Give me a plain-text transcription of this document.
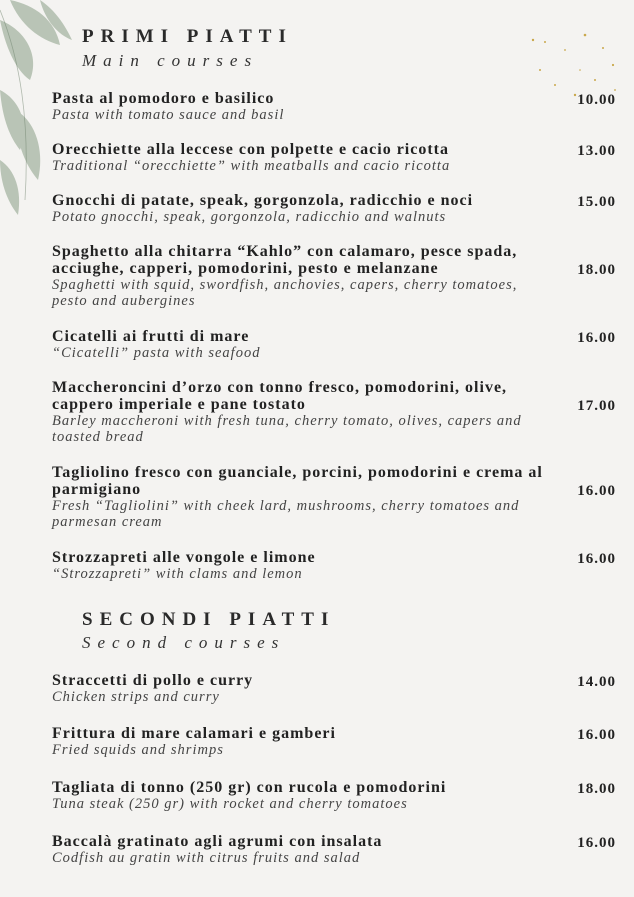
PRIMI PIATTI
Main courses
Pasta al pomodoro e basilico
Pasta with tomato sauce and basil
10.00
Orecchiette alla leccese con polpette e cacio ricotta
Traditional “orecchiette” with meatballs and cacio ricotta
13.00
Gnocchi di patate, speak, gorgonzola, radicchio e noci
Potato gnocchi, speak, gorgonzola, radicchio and walnuts
15.00
Spaghetto alla chitarra “Kahlo” con calamaro, pesce spada, acciughe, capperi, pomodorini, pesto e melanzane
Spaghetti with squid, swordfish, anchovies, capers, cherry tomatoes, pesto and aubergines
18.00
Cicatelli ai frutti di mare
“Cicatelli” pasta with seafood
16.00
Maccheroncini d’orzo con tonno fresco, pomodorini, olive, cappero imperiale e pane tostato
Barley maccheroni with fresh tuna, cherry tomato, olives, capers and toasted bread
17.00
Tagliolino fresco con guanciale, porcini, pomodorini e crema al parmigiano
Fresh “Tagliolini” with cheek lard, mushrooms, cherry tomatoes and parmesan cream
16.00
Strozzapreti alle vongole e limone
“Strozzapreti” with clams and lemon
16.00
SECONDI PIATTI
Second courses
Straccetti di pollo e curry
Chicken strips and curry
14.00
Frittura di mare calamari e gamberi
Fried squids and shrimps
16.00
Tagliata di tonno (250 gr) con rucola e pomodorini
Tuna steak (250 gr) with rocket and cherry tomatoes
18.00
Baccalà gratinato agli agrumi con insalata
Codfish au gratin with citrus fruits and salad
16.00
